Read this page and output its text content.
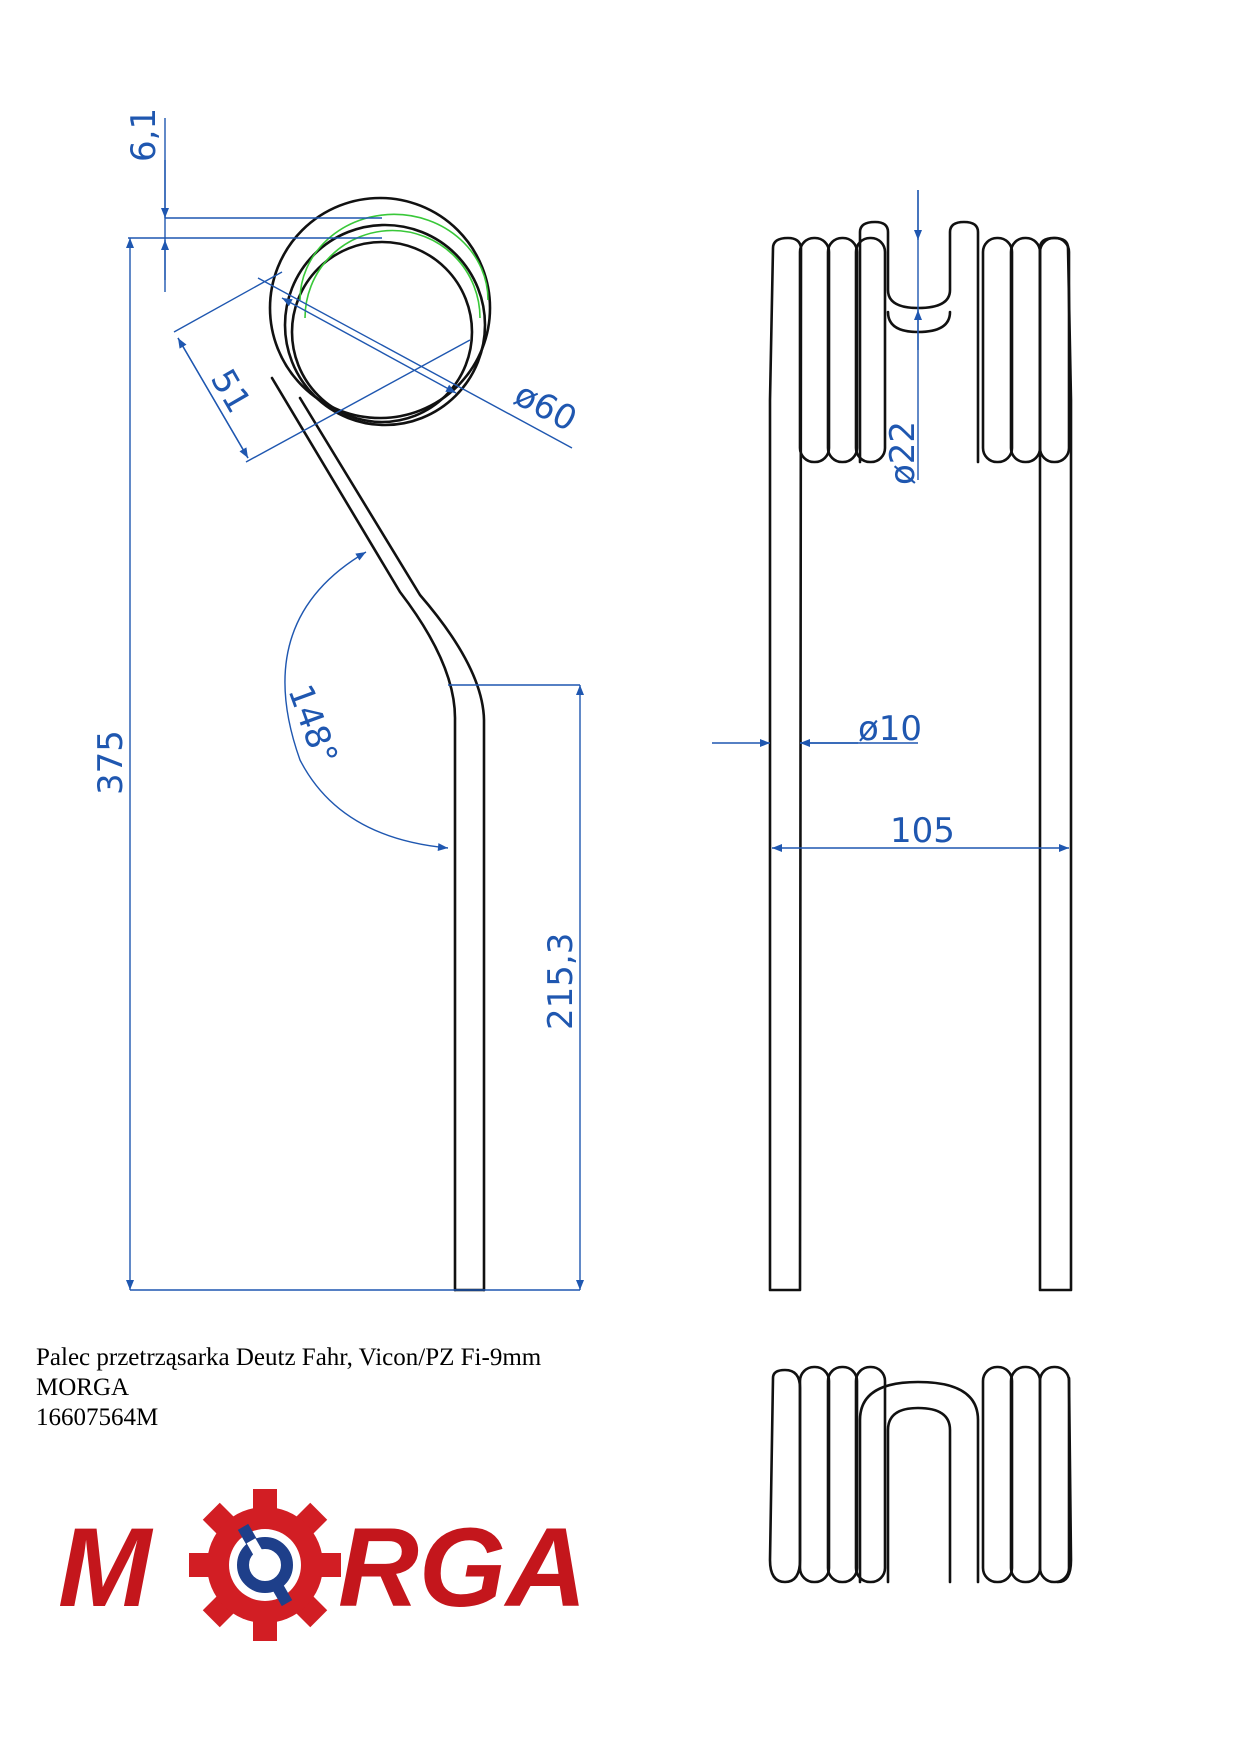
6,1
375
215,3
51	ø60
148°
ø22
ø10
105
M RGA
Palec przetrząsarka Deutz Fahr, Vicon/PZ Fi-9mm
MORGA
16607564M
